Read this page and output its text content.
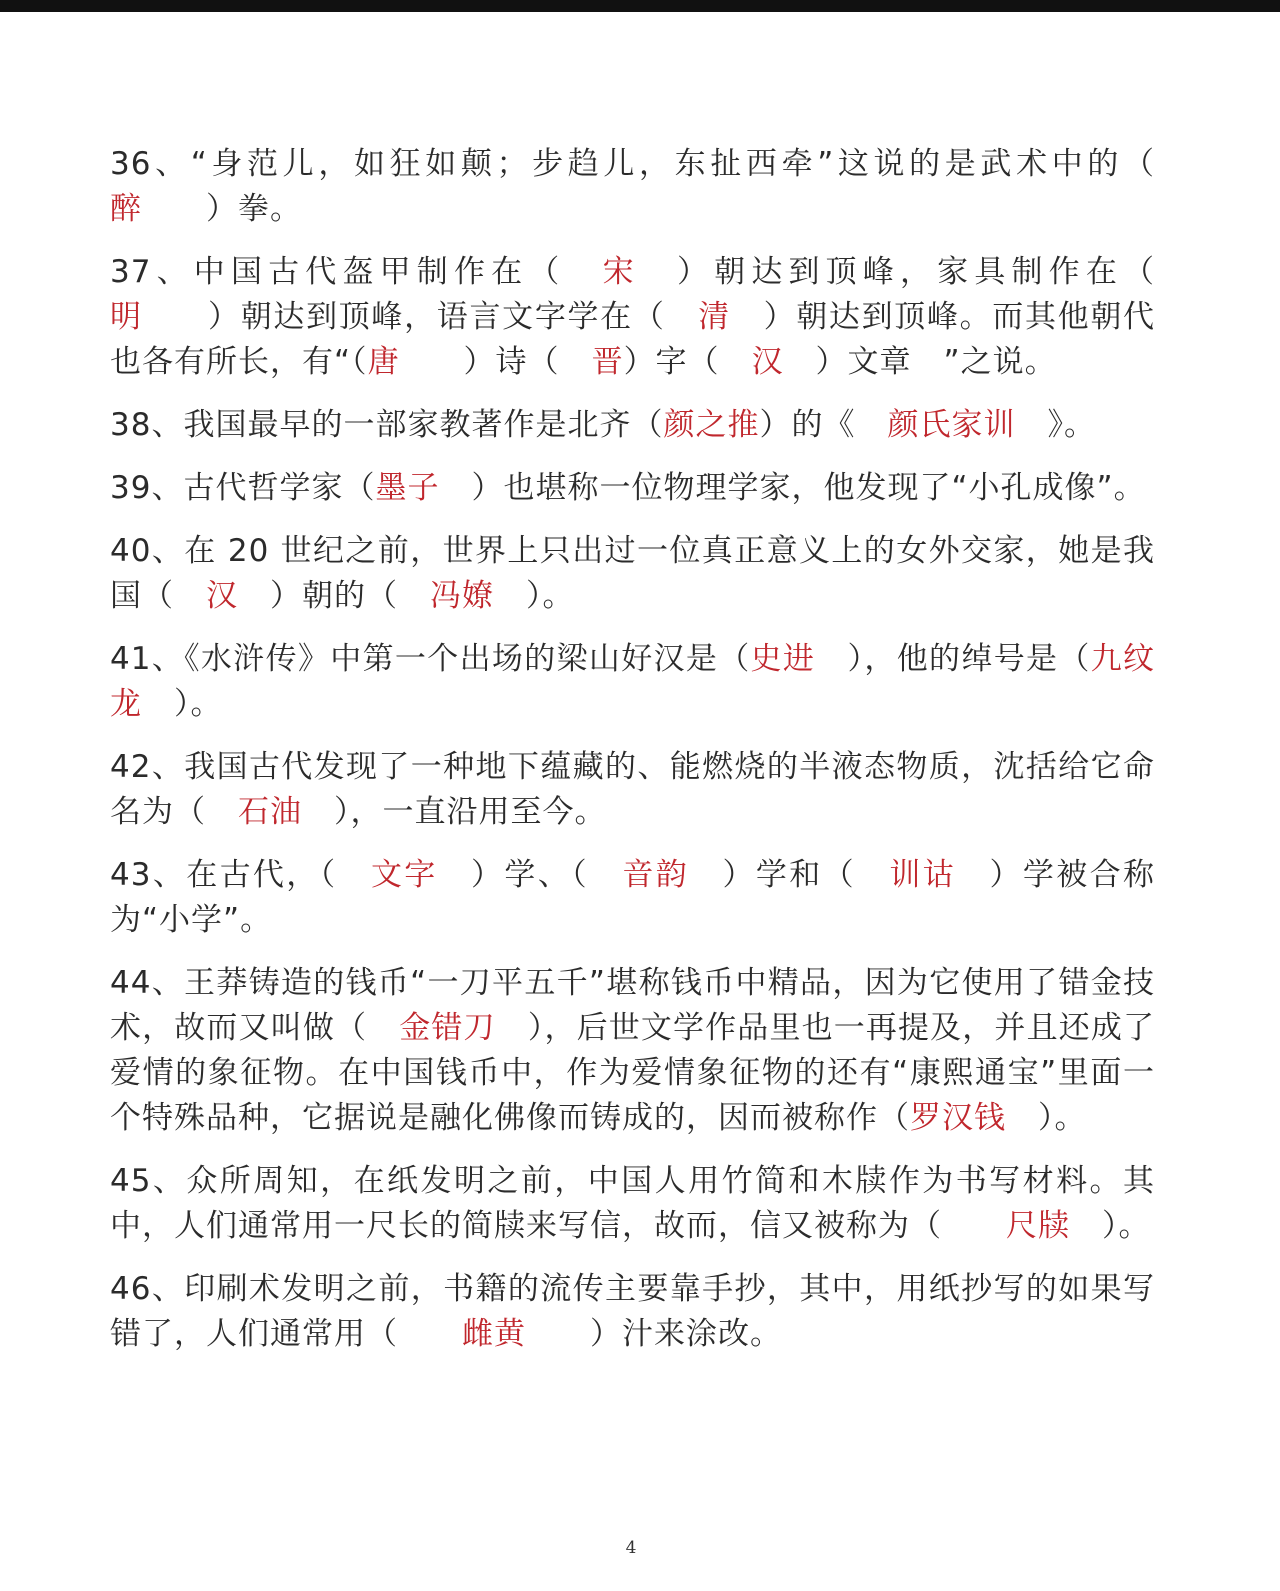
36、“身范儿，如狂如颠；步趋儿，东扯西牵”这说的是武术中的（　醉　　）拳。

37、中国古代盔甲制作在（　宋　）朝达到顶峰，家具制作在（　明　　）朝达到顶峰，语言文字学在（　清　）朝达到顶峰。而其他朝代也各有所长，有“（唐　　）诗（　晋）字（　汉　）文章　”之说。

38、我国最早的一部家教著作是北齐（颜之推）的《　颜氏家训　》。

39、古代哲学家（墨子　）也堪称一位物理学家，他发现了“小孔成像”。

40、在 20 世纪之前，世界上只出过一位真正意义上的女外交家，她是我国（　汉　）朝的（　冯嫽　）。

41、《水浒传》中第一个出场的梁山好汉是（史进　），他的绰号是（九纹龙　）。

42、我国古代发现了一种地下蕴藏的、能燃烧的半液态物质，沈括给它命名为（　石油　），一直沿用至今。

43、在古代，（　文字　）学、（　音韵　）学和（　训诂　）学被合称为“小学”。

44、王莽铸造的钱币“一刀平五千”堪称钱币中精品，因为它使用了错金技术，故而又叫做（　金错刀　），后世文学作品里也一再提及，并且还成了爱情的象征物。在中国钱币中，作为爱情象征物的还有“康熙通宝”里面一个特殊品种，它据说是融化佛像而铸成的，因而被称作（罗汉钱　）。

45、众所周知，在纸发明之前，中国人用竹简和木牍作为书写材料。其中，人们通常用一尺长的简牍来写信，故而，信又被称为（　　尺牍　）。

46、印刷术发明之前，书籍的流传主要靠手抄，其中，用纸抄写的如果写错了，人们通常用（　　雌黄　　）汁来涂改。

4
